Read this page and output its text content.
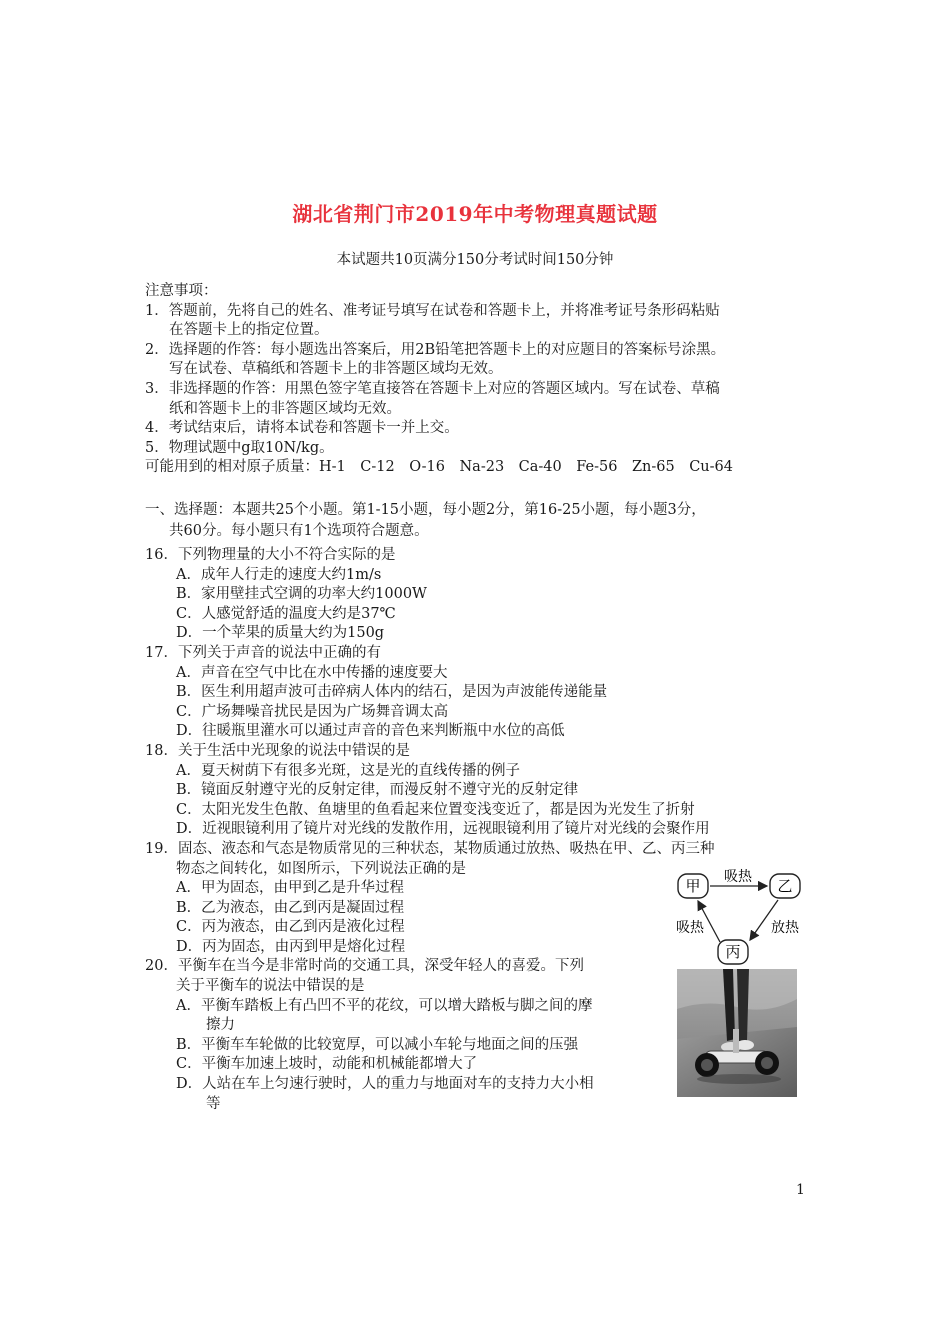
湖北省荆门市2019年中考物理真题试题
本试题共10页满分150分考试时间150分钟
注意事项：
1．答题前，先将自己的姓名、准考证号填写在试卷和答题卡上，并将准考证号条形码粘贴
在答题卡上的指定位置。
2．选择题的作答：每小题选出答案后，用2B铅笔把答题卡上的对应题目的答案标号涂黑。
写在试卷、草稿纸和答题卡上的非答题区域均无效。
3．非选择题的作答：用黑色签字笔直接答在答题卡上对应的答题区域内。写在试卷、草稿
纸和答题卡上的非答题区域均无效。
4．考试结束后，请将本试卷和答题卡一并上交。
5．物理试题中g取10N/kg。
可能用到的相对原子质量：H-1　C-12　O-16　Na-23　Ca-40　Fe-56　Zn-65　Cu-64
一、选择题：本题共25个小题。第1-15小题，每小题2分，第16-25小题，每小题3分，
共60分。每小题只有1个选项符合题意。
16．下列物理量的大小不符合实际的是
A．成年人行走的速度大约1m/s
B．家用壁挂式空调的功率大约1000W
C．人感觉舒适的温度大约是37℃
D．一个苹果的质量大约为150g
17．下列关于声音的说法中正确的有
A．声音在空气中比在水中传播的速度要大
B．医生利用超声波可击碎病人体内的结石，是因为声波能传递能量
C．广场舞噪音扰民是因为广场舞音调太高
D．往暖瓶里灌水可以通过声音的音色来判断瓶中水位的高低
18．关于生活中光现象的说法中错误的是
A．夏天树荫下有很多光斑，这是光的直线传播的例子
B．镜面反射遵守光的反射定律，而漫反射不遵守光的反射定律
C．太阳光发生色散、鱼塘里的鱼看起来位置变浅变近了，都是因为光发生了折射
D．近视眼镜利用了镜片对光线的发散作用，远视眼镜利用了镜片对光线的会聚作用
19．固态、液态和气态是物质常见的三种状态，某物质通过放热、吸热在甲、乙、丙三种
物态之间转化，如图所示，下列说法正确的是
A．甲为固态，由甲到乙是升华过程
B．乙为液态，由乙到丙是凝固过程
C．丙为液态，由乙到丙是液化过程
D．丙为固态，由丙到甲是熔化过程
20．平衡车在当今是非常时尚的交通工具，深受年轻人的喜爱。下列
关于平衡车的说法中错误的是
A．平衡车踏板上有凸凹不平的花纹，可以增大踏板与脚之间的摩
擦力
B．平衡车车轮做的比较宽厚，可以减小车轮与地面之间的压强
C．平衡车加速上坡时，动能和机械能都增大了
D．人站在车上匀速行驶时，人的重力与地面对车的支持力大小相
等
甲	乙
丙
吸热
放热
吸热
1
